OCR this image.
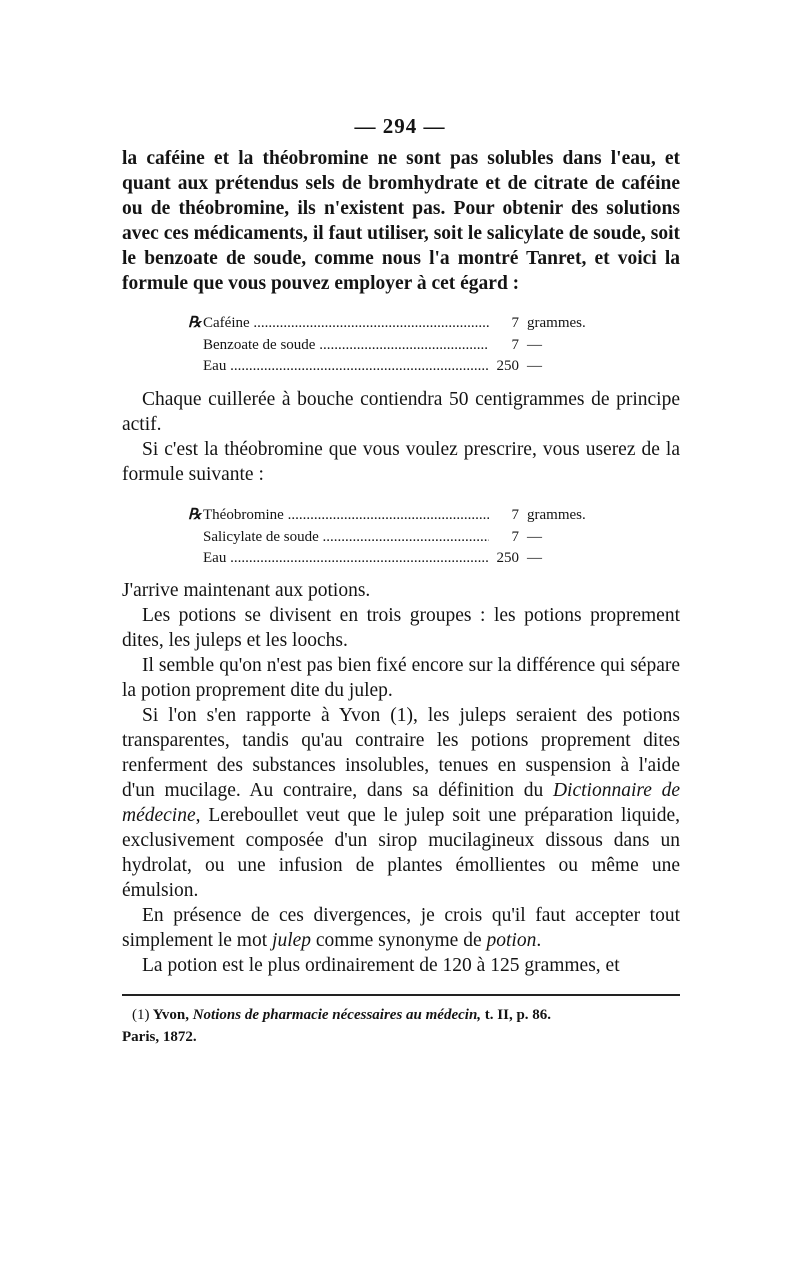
— 294 —

la caféine et la théobromine ne sont pas solubles dans l'eau, et quant aux prétendus sels de bromhydrate et de citrate de caféine ou de théobromine, ils n'existent pas. Pour obtenir des solutions avec ces médicaments, il faut utiliser, soit le salicylate de soude, soit le benzoate de soude, comme nous l'a montré Tanret, et voici la formule que vous pouvez employer à cet égard :

℞ Caféine .....	7 grammes.
Benzoate de soude .....	7 —
Eau .....	250 —

Chaque cuillerée à bouche contiendra 50 centigrammes de principe actif.

Si c'est la théobromine que vous voulez prescrire, vous userez de la formule suivante :

℞ Théobromine .....	7 grammes.
Salicylate de soude .....	7 —
Eau .....	250 —

J'arrive maintenant aux potions.

Les potions se divisent en trois groupes : les potions proprement dites, les juleps et les loochs.

Il semble qu'on n'est pas bien fixé encore sur la différence qui sépare la potion proprement dite du julep.

Si l'on s'en rapporte à Yvon (1), les juleps seraient des potions transparentes, tandis qu'au contraire les potions proprement dites renferment des substances insolubles, tenues en suspension à l'aide d'un mucilage. Au contraire, dans sa définition du Dictionnaire de médecine, Lereboullet veut que le julep soit une préparation liquide, exclusivement composée d'un sirop mucilagineux dissous dans un hydrolat, ou une infusion de plantes émollientes ou même une émulsion.

En présence de ces divergences, je crois qu'il faut accepter tout simplement le mot julep comme synonyme de potion.

La potion est le plus ordinairement de 120 à 125 grammes, et

(1) Yvon, Notions de pharmacie nécessaires au médecin, t. II, p. 86.
Paris, 1872.
